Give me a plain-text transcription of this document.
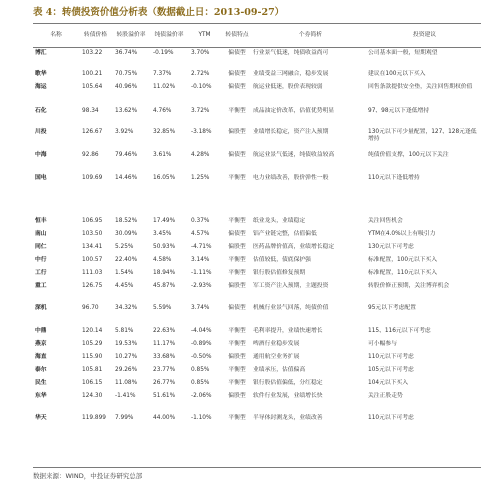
表 4：转债投资价值分析表（数据截止日：2013-09-27）
名称	转债价格	转股溢价率	纯债溢价率	YTM	转债特点	个券简析	投资建议
博汇	103.22	36.74%	-0.19%	3.70%	偏债型	行业景气低迷，纯债收益尚可	公司基本面一般，短期观望
歌华	100.21	70.75%	7.37%	2.72%	偏债型	业绩受益三网融合，稳步发展	建议在100元以下买入
海运	105.64	40.96%	11.02%	-0.10%	偏债型	航运业低迷，股价表现较弱	回售条款提供安全垫，关注回售期权价值
石化	98.34	13.62%	4.76%	3.72%	平衡型	成品油定价改革，估值优势明显	97、98元以下逢低增持
川投	126.67	3.92%	32.85%	-3.18%	偏股型	业绩增长稳定，资产注入预期	130元以下可少量配置，127、128元逢低增持
中海	92.86	79.46%	3.61%	4.28%	偏债型	航运业景气低迷，纯债收益较高	纯债价值支撑，100元以下关注
国电	109.69	14.46%	16.05%	1.25%	平衡型	电力业绩改善，股价弹性一般	110元以下逢低增持
恒丰	106.95	18.52%	17.49%	0.37%	平衡型	纸业龙头，业绩稳定	关注回售机会
南山	103.50	30.09%	3.45%	4.57%	偏债型	铝产业链完整，估值偏低	YTM在4.0%以上有吸引力
同仁	134.41	5.25%	50.93%	-4.71%	偏股型	医药品牌价值高，业绩增长稳定	130元以下可考虑
中行	100.57	22.40%	4.58%	3.14%	平衡型	估值较低，债底保护强	标准配置，100元以下买入
工行	111.03	1.54%	18.94%	-1.11%	平衡型	银行股估值修复预期	标准配置，110元以下买入
重工	126.75	4.45%	45.87%	-2.93%	偏股型	军工资产注入预期，主题投资	转股价修正预期，关注博弈机会
深机	96.70	34.32%	5.59%	3.74%	偏债型	机械行业景气回落，纯债价值	95元以下考虑配置
中鼎	120.14	5.81%	22.63%	-4.04%	平衡型	毛利率提升，业绩快速增长	115、116元以下可考虑
燕京	105.29	19.53%	11.17%	-0.89%	平衡型	啤酒行业稳步发展	可小幅参与
海直	115.90	10.27%	33.68%	-0.50%	偏股型	通用航空业务扩展	110元以下可考虑
泰尔	105.81	29.26%	23.77%	0.85%	平衡型	业绩承压，估值偏高	105元以下可考虑
民生	106.15	11.08%	26.77%	0.85%	平衡型	银行股估值偏低，分红稳定	104元以下买入
东华	124.30	-1.41%	51.61%	-2.06%	偏股型	软件行业发展，业绩增长快	关注正股走势
华天	119.899	7.99%	44.00%	-1.10%	平衡型	半导体封测龙头，业绩改善	110元以下可考虑
数据来源：WIND，中投证券研究总部
